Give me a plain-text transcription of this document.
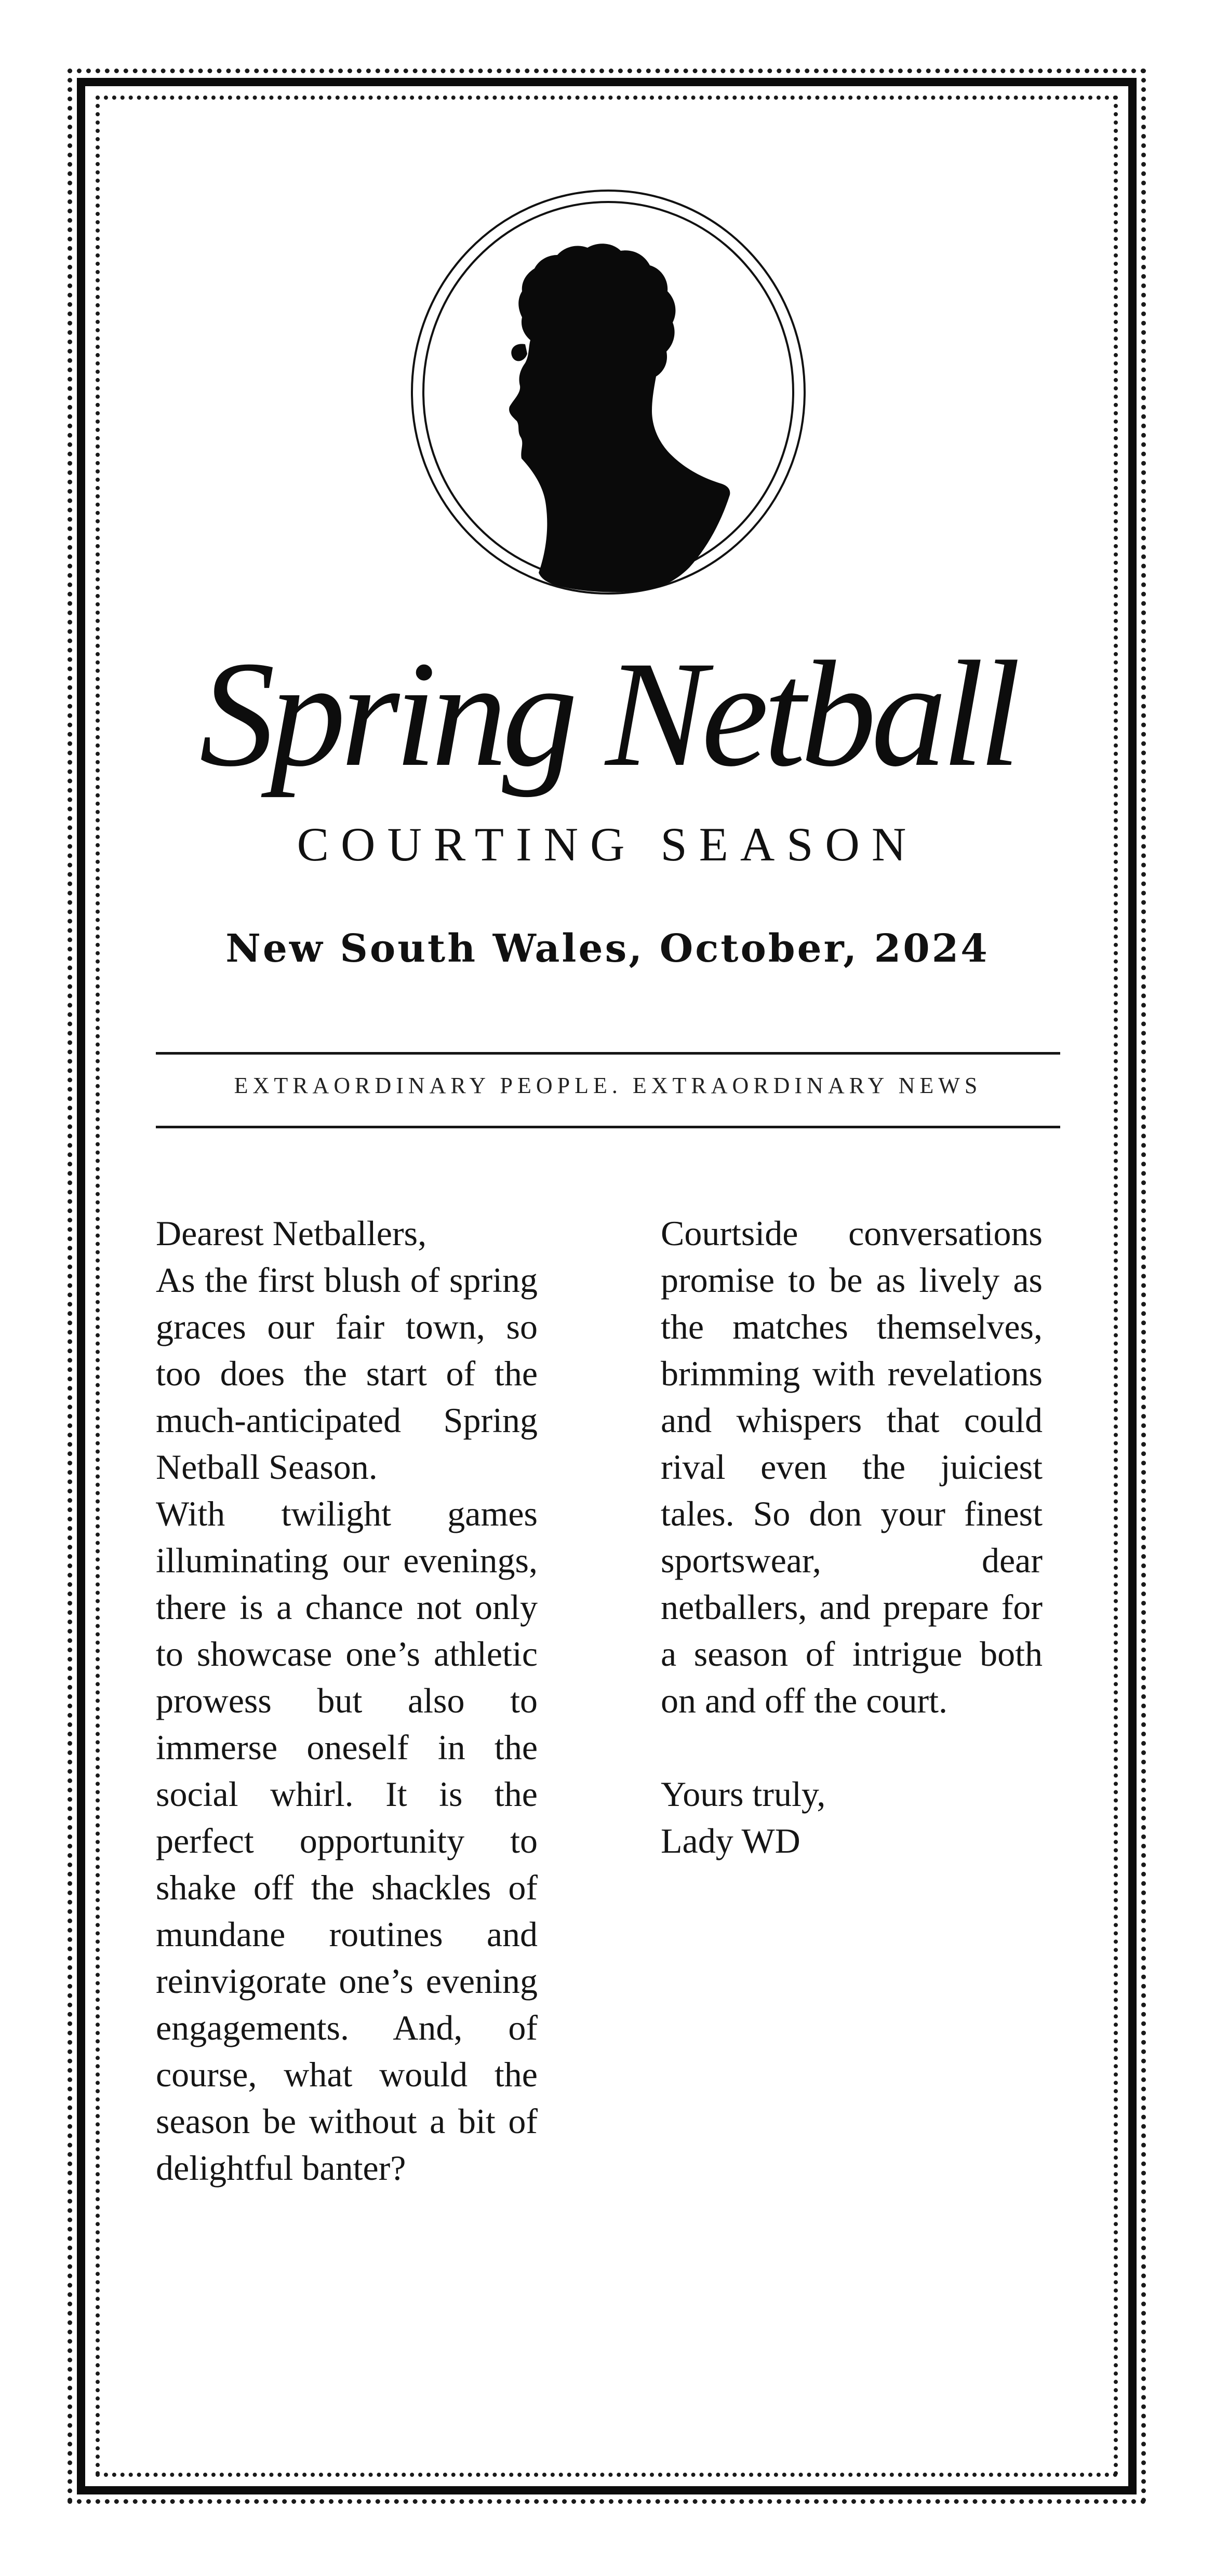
Spring Netball
COURTING SEASON
New South Wales, October, 2024
EXTRAORDINARY PEOPLE. EXTRAORDINARY NEWS
Dearest Netballers,

As the first blush of spring graces our fair town, so too does the start of the much-anticipated Spring Netball Season.

With twilight games illuminating our evenings, there is a chance not only to showcase one’s athletic prowess but also to immerse oneself in the social whirl. It is the perfect opportunity to shake off the shackles of mundane routines and reinvigorate one’s evening engagements. And, of course, what would the season be without a bit of delightful banter?

Courtside conversations promise to be as lively as the matches themselves, brimming with revelations and whispers that could rival even the juiciest tales. So don your finest sportswear, dear netballers, and prepare for a season of intrigue both on and off the court.

Yours truly,
Lady WD
